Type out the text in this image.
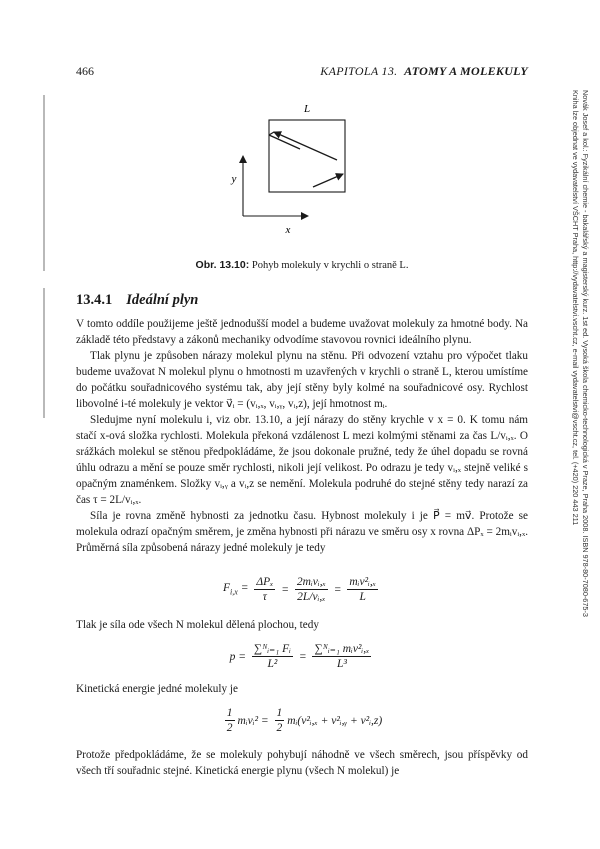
466	KAPITOLA 13. ATOMY A MOLEKULY
Novák Josef a kol.: Fyzikální chemie - bakalářský a magisterský kurz. 1st ed. Vysoká škola chemicko-technologická v Praze, Praha 2008. ISBN 978-80-7080-675-3
Kniha lze objednat ve vydavatelství VŠCHT Praha, http://vydavatelstvi.vscht.cz, e-mail vydavatelstvi@vscht.cz, tel. (+420) 220 443 211
L
y
x
Obr. 13.10: Pohyb molekuly v krychli o straně L.
13.4.1 Ideální plyn

V tomto oddíle použijeme ještě jednodušší model a budeme uvažovat molekuly za hmotné body. Na základě této představy a zákonů mechaniky odvodíme stavovou rovnici ideálního plynu.

Tlak plynu je způsoben nárazy molekul plynu na stěnu. Při odvození vztahu pro výpočet tlaku budeme uvažovat N molekul plynu o hmotnosti m uzavřených v krychli o straně L, kterou umístíme do počátku souřadnicového systému tak, aby její stěny byly kolmé na souřadnicové osy. Rychlost libovolné i-té molekuly je vektor v⃗ᵢ = (vᵢ,ₓ, vᵢ,ᵧ, vᵢ,z), její hmotnost mᵢ.

Sledujme nyní molekulu i, viz obr. 13.10, a její nárazy do stěny krychle v x = 0. K tomu nám stačí x-ová složka rychlosti. Molekula překoná vzdálenost L mezi kolmými stěnami za čas L/vᵢ,ₓ. O srážkách molekul se stěnou předpokládáme, že jsou dokonale pružné, tedy že úhel dopadu se rovná úhlu odrazu a mění se pouze směr rychlosti, nikoli její velikost. Po odrazu je tedy vᵢ,ₓ stejně veliké s opačným znaménkem. Složky vᵢ,ᵧ a vᵢ,z se nemění. Molekula podruhé do stejné stěny tedy narazí za čas τ = 2L/vᵢ,ₓ.

Síla je rovna změně hybnosti za jednotku času. Hybnost molekuly i je P⃗ = mv⃗. Protože se molekula odrazí opačným směrem, je změna hybnosti při nárazu ve směru osy x rovna ΔPₓ = 2mᵢvᵢ,ₓ. Průměrná síla způsobená nárazy jedné molekuly je tedy

$F_{i,x} = \frac{\text{ΔPₓ}}{\tau} = \frac{\text{2mᵢvᵢ,ₓ}}{\text{2L/vᵢ,ₓ}} = \frac{\text{mᵢv²ᵢ,ₓ}}{L}$

Tlak je síla ode všech N molekul dělená plochou, tedy

$p = \frac{\text{∑ᴺᵢ₌₁ Fᵢ}}{\text{L²}} = \frac{\text{∑ᴺᵢ₌₁ mᵢv²ᵢ,ₓ}}{\text{L³}}$

Kinetická energie jedné molekuly je

$\frac{1}{2}$ mᵢvᵢ² = $\frac{1}{2}$ mᵢ(v²ᵢ,ₓ + v²ᵢ,ᵧ + v²ᵢ,z)

Protože předpokládáme, že se molekuly pohybují náhodně ve všech směrech, jsou příspěvky od všech tří souřadnic stejné. Kinetická energie plynu (všech N molekul) je
